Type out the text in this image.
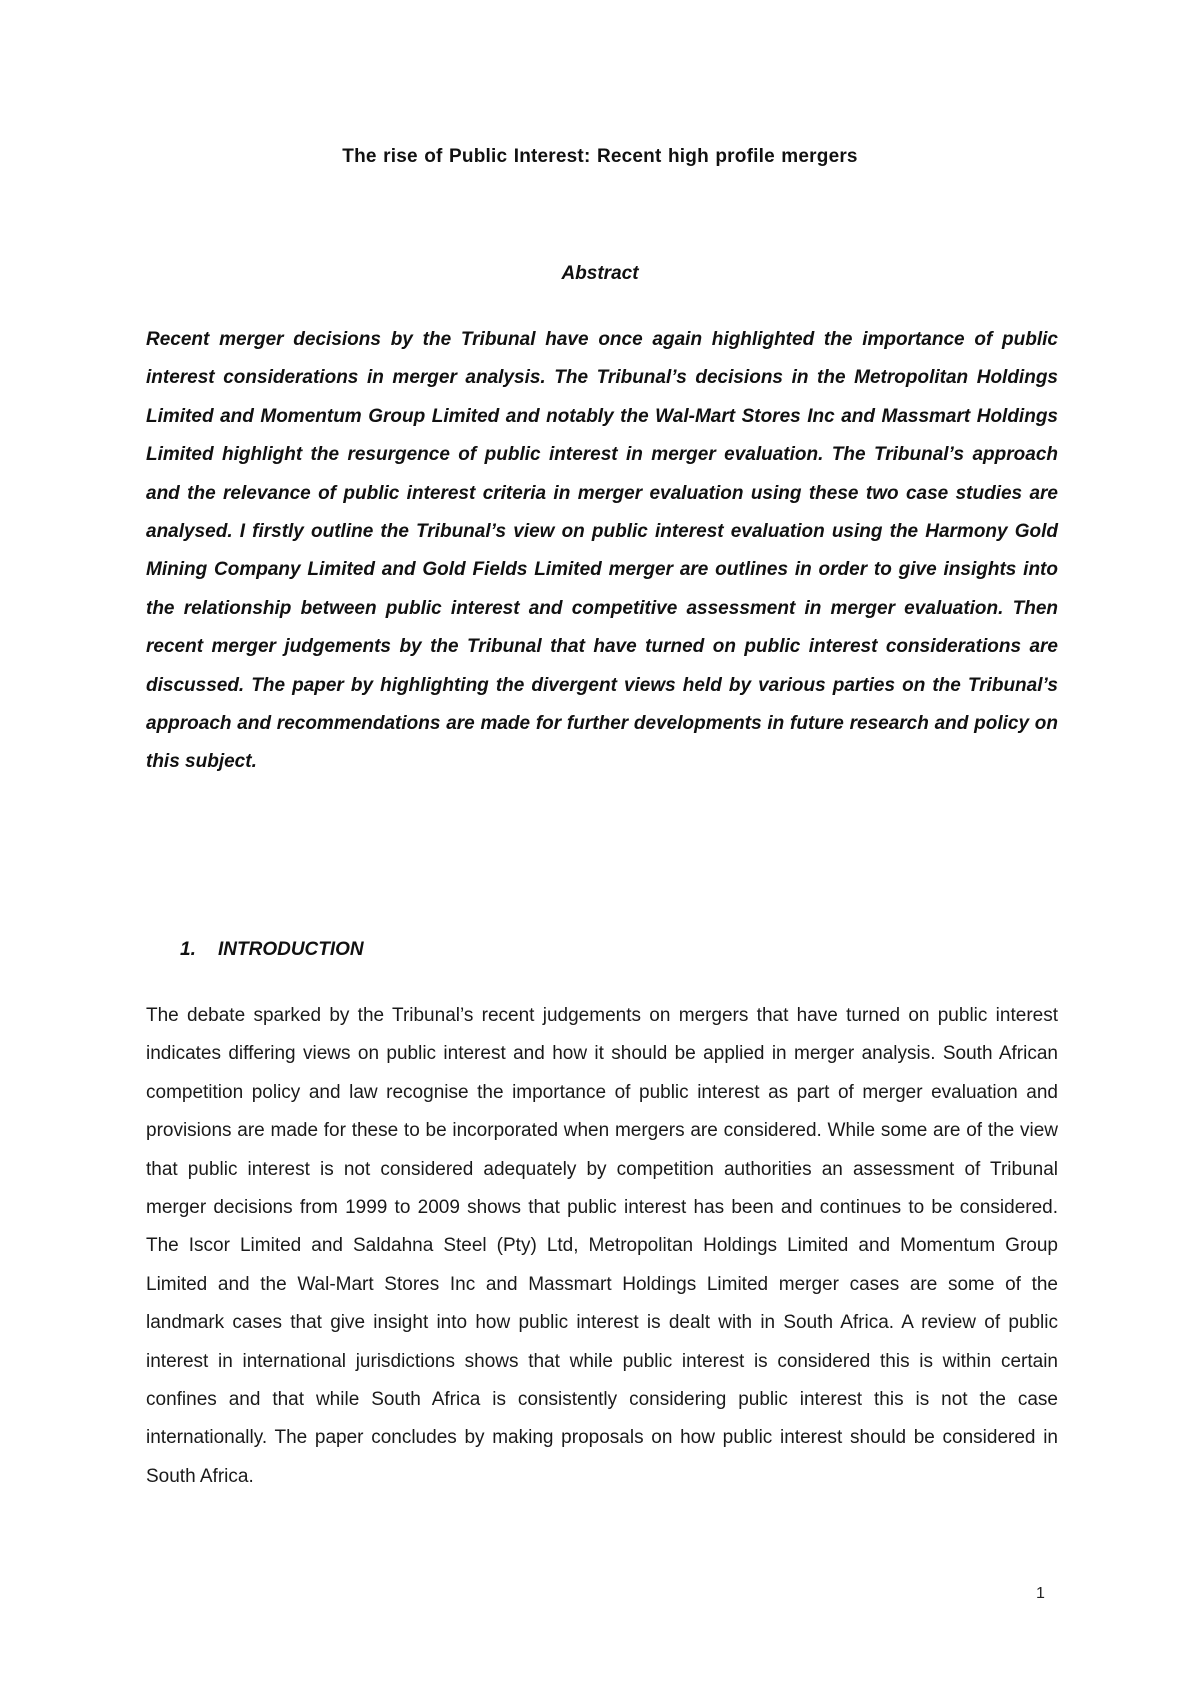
The rise of Public Interest: Recent high profile mergers
Abstract

Recent merger decisions by the Tribunal have once again highlighted the importance of public interest considerations in merger analysis. The Tribunal’s decisions in the Metropolitan Holdings Limited and Momentum Group Limited and notably the Wal-Mart Stores Inc and Massmart Holdings Limited highlight the resurgence of public interest in merger evaluation. The Tribunal’s approach and the relevance of public interest criteria in merger evaluation using these two case studies are analysed. I firstly outline the Tribunal’s view on public interest evaluation using the Harmony Gold Mining Company Limited and Gold Fields Limited merger are outlines in order to give insights into the relationship between public interest and competitive assessment in merger evaluation. Then recent merger judgements by the Tribunal that have turned on public interest considerations are discussed. The paper by highlighting the divergent views held by various parties on the Tribunal’s approach and recommendations are made for further developments in future research and policy on this subject.

1. INTRODUCTION

The debate sparked by the Tribunal’s recent judgements on mergers that have turned on public interest indicates differing views on public interest and how it should be applied in merger analysis. South African competition policy and law recognise the importance of public interest as part of merger evaluation and provisions are made for these to be incorporated when mergers are considered. While some are of the view that public interest is not considered adequately by competition authorities an assessment of Tribunal merger decisions from 1999 to 2009 shows that public interest has been and continues to be considered. The Iscor Limited and Saldahna Steel (Pty) Ltd, Metropolitan Holdings Limited and Momentum Group Limited and the Wal-Mart Stores Inc and Massmart Holdings Limited merger cases are some of the landmark cases that give insight into how public interest is dealt with in South Africa. A review of public interest in international jurisdictions shows that while public interest is considered this is within certain confines and that while South Africa is consistently considering public interest this is not the case internationally. The paper concludes by making proposals on how public interest should be considered in South Africa.

1
